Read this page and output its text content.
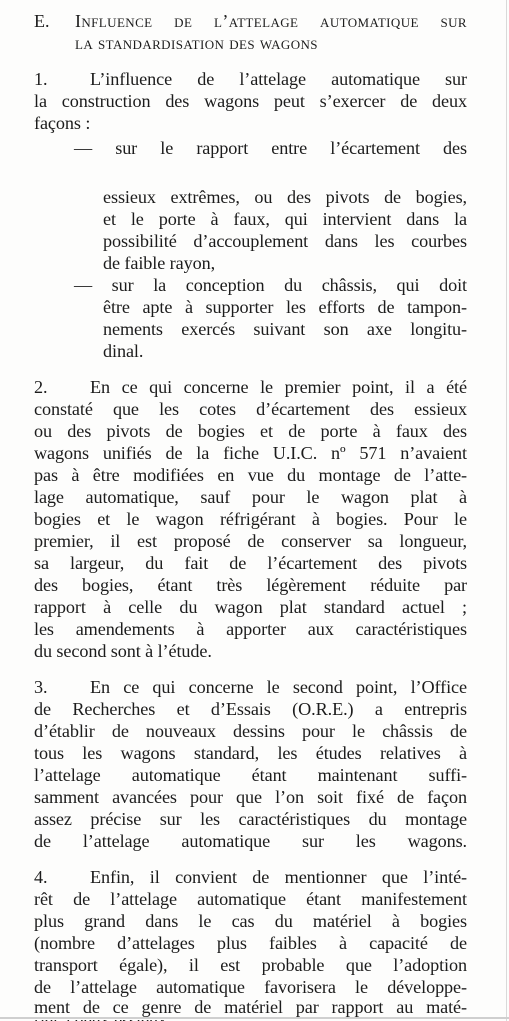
E. Influence de l’attelage automatique sur
la standardisation des wagons
1. L’influence de l’attelage automatique sur
la construction des wagons peut s’exercer de deux
façons :
— sur le rapport entre l’écartement des
essieux extrêmes, ou des pivots de bogies,
et le porte à faux, qui intervient dans la
possibilité d’accouplement dans les courbes
de faible rayon,
— sur la conception du châssis, qui doit
être apte à supporter les efforts de tampon-
nements exercés suivant son axe longitu-
dinal.
2. En ce qui concerne le premier point, il a été
constaté que les cotes d’écartement des essieux
ou des pivots de bogies et de porte à faux des
wagons unifiés de la fiche U.I.C. nº 571 n’avaient
pas à être modifiées en vue du montage de l’atte-
lage automatique, sauf pour le wagon plat à
bogies et le wagon réfrigérant à bogies. Pour le
premier, il est proposé de conserver sa longueur,
sa largeur, du fait de l’écartement des pivots
des bogies, étant très légèrement réduite par
rapport à celle du wagon plat standard actuel ;
les amendements à apporter aux caractéristiques
du second sont à l’étude.
3. En ce qui concerne le second point, l’Office
de Recherches et d’Essais (O.R.E.) a entrepris
d’établir de nouveaux dessins pour le châssis de
tous les wagons standard, les études relatives à
l’attelage automatique étant maintenant suffi-
samment avancées pour que l’on soit fixé de façon
assez précise sur les caractéristiques du montage
de l’attelage automatique sur les wagons.
4. Enfin, il convient de mentionner que l’inté-
rêt de l’attelage automatique étant manifestement
plus grand dans le cas du matériel à bogies
(nombre d’attelages plus faibles à capacité de
transport égale), il est probable que l’adoption
de l’attelage automatique favorisera le développe-
ment de ce genre de matériel par rapport au maté-
